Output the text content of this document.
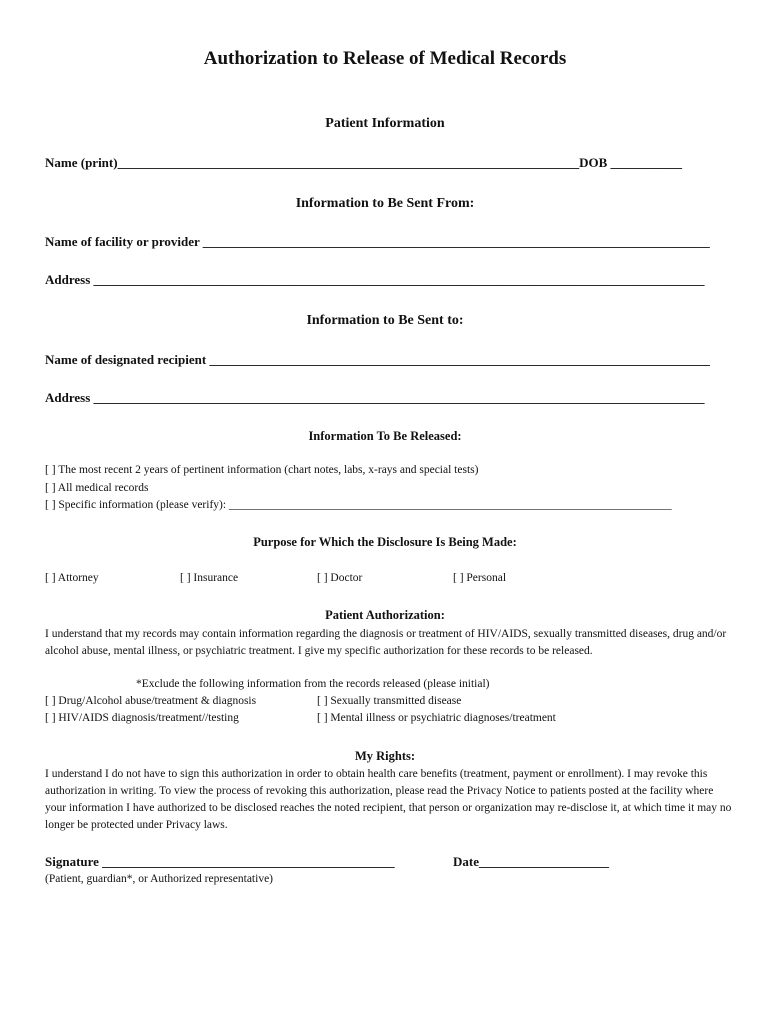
Authorization to Release of Medical Records
Patient Information
Name (print)_______________________________________________________________________DOB ___________
Information to Be Sent From:
Name of facility or provider ______________________________________________________________________________
Address ______________________________________________________________________________________________
Information to Be Sent to:
Name of designated recipient _____________________________________________________________________________
Address ______________________________________________________________________________________________
Information To Be Released:
[ ] The most recent 2 years of pertinent information (chart notes, labs, x-rays and special tests)
[ ] All medical records
[ ] Specific information (please verify): _____________________________________________________________________________
Purpose for Which the Disclosure Is Being Made:
[ ] Attorney	[ ] Insurance	[ ] Doctor	[ ] Personal
Patient Authorization:

I understand that my records may contain information regarding the diagnosis or treatment of HIV/AIDS, sexually transmitted diseases, drug and/or alcohol abuse, mental illness, or psychiatric treatment. I give my specific authorization for these records to be released.

*Exclude the following information from the records released (please initial)
[ ] Drug/Alcohol abuse/treatment & diagnosis	[ ] Sexually transmitted disease
[ ] HIV/AIDS diagnosis/treatment//testing	[ ] Mental illness or psychiatric diagnoses/treatment
My Rights:

I understand I do not have to sign this authorization in order to obtain health care benefits (treatment, payment or enrollment). I may revoke this authorization in writing. To view the process of revoking this authorization, please read the Privacy Notice to patients posted at the facility where your information I have authorized to be disclosed reaches the noted recipient, that person or organization may re-disclose it, at which time it may no longer be protected under Privacy laws.

Signature _____________________________________________	Date____________________
(Patient, guardian*, or Authorized representative)
